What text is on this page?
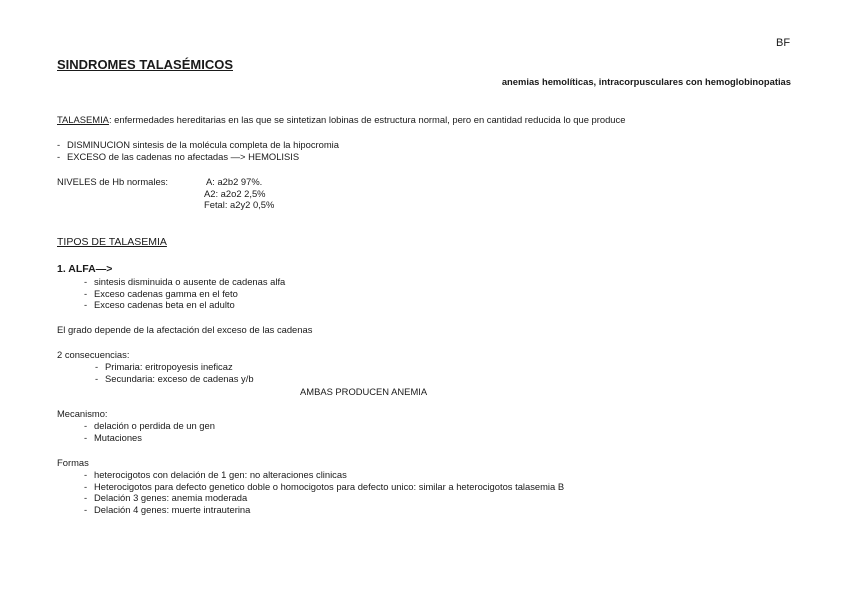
BF
SINDROMES TALASÉMICOS
anemias hemolíticas, intracorpusculares con hemoglobinopatias
TALASEMIA: enfermedades hereditarias en las que se sintetizan lobinas de estructura normal, pero en cantidad reducida lo que produce
- DISMINUCION sintesis de la molécula completa de la hipocromia
- EXCESO de las cadenas no afectadas —> HEMOLISIS
NIVELES de Hb normales:	A: a2b2 97%.
A2: a2o2 2,5%
Fetal: a2y2 0,5%
TIPOS DE TALASEMIA
1. ALFA—>
- sintesis disminuida o ausente de cadenas alfa
- Exceso cadenas gamma en el feto
- Exceso cadenas beta en el adulto
El grado depende de la afectación del exceso de las cadenas
2 consecuencias:
- Primaria: eritropoyesis ineficaz
- Secundaria: exceso de cadenas y/b
AMBAS PRODUCEN ANEMIA
Mecanismo:
- delación o perdida de un gen
- Mutaciones
Formas
- heterocigotos con delación de 1 gen: no alteraciones clinicas
- Heterocigotos para defecto genetico doble o homocigotos para defecto unico: similar a heterocigotos talasemia B
- Delación 3 genes: anemia moderada
- Delación 4 genes: muerte intrauterina
